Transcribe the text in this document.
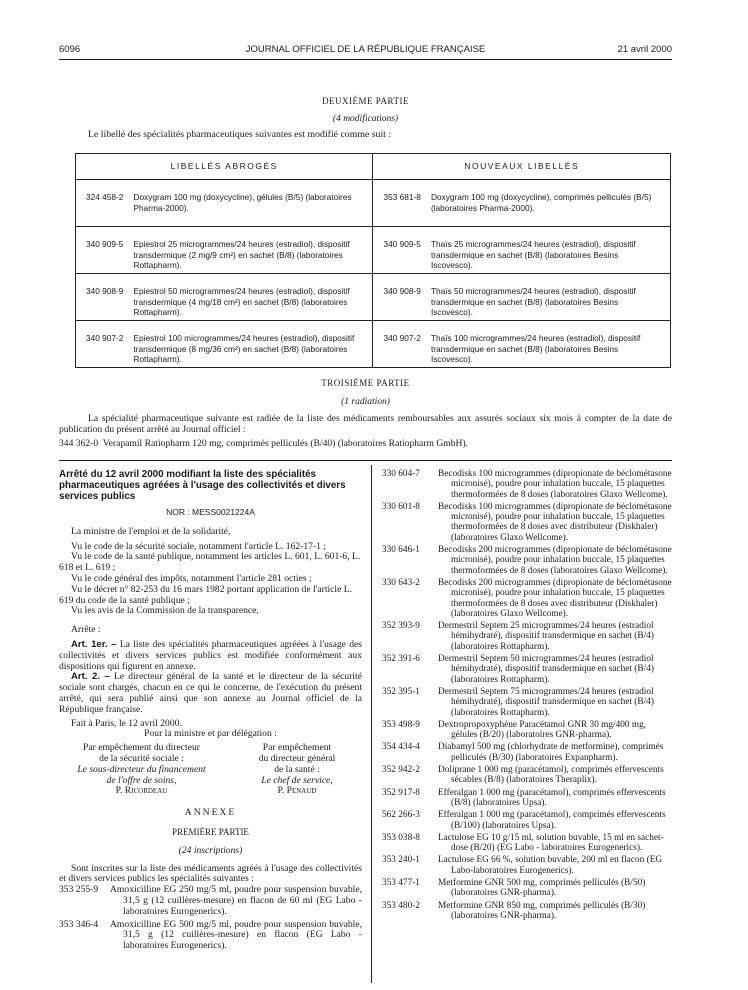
6096	JOURNAL OFFICIEL DE LA RÉPUBLIQUE FRANÇAISE	21 avril 2000
DEUXIÈME PARTIE
(4 modifications)
Le libellé des spécialités pharmaceutiques suivantes est modifié comme suit :
LIBELLÉS ABROGÉS		NOUVEAUX LIBELLÉS	
324 458-2	Doxygram 100 mg (doxycycline), gélules (B/5) (laboratoires Pharma-2000).	353 681-8	Doxygram 100 mg (doxycycline), comprimés pelliculés (B/5) (laboratoires Pharma-2000).
340 909-5	Epiestrol 25 microgrammes/24 heures (estradiol), dispositif transdermique (2 mg/9 cm²) en sachet (B/8) (laboratoires Rottapharm).	340 909-5	Thaïs 25 microgrammes/24 heures (estradiol), dispositif transdermique en sachet (B/8) (laboratoires Besins Iscovesco).
340 908-9	Epiestrol 50 microgrammes/24 heures (estradiol), dispositif transdermique (4 mg/18 cm²) en sachet (B/8) (laboratoires Rottapharm).	340 908-9	Thaïs 50 microgrammes/24 heures (estradiol), dispositif transdermique en sachet (B/8) (laboratoires Besins Iscovesco).
340 907-2	Epiestrol 100 microgrammes/24 heures (estradiol), dispositif transdermique (8 mg/36 cm²) en sachet (B/8) (laboratoires Rottapharm).	340 907-2	Thaïs 100 microgrammes/24 heures (estradiol), dispositif transdermique en sachet (B/8) (laboratoires Besins Iscovesco).
TROISIÈME PARTIE
(1 radiation)
La spécialité pharmaceutique suivante est radiée de la liste des médicaments remboursables aux assurés sociaux six mois à compter de la date de publication du présent arrêté au Journal officiel :
344 362-0  Verapamil Ratiopharm 120 mg, comprimés pelliculés (B/40) (laboratoires Ratiopharm GmbH).

Arrêté du 12 avril 2000 modifiant la liste des spécialités pharmaceutiques agréées à l'usage des collectivités et divers services publics

NOR : MESS0021224A

La ministre de l'emploi et de la solidarité,

Vu le code de la sécurité sociale, notamment l'article L. 162-17-1 ;

Vu le code de la santé publique, notamment les articles L. 601, L. 601-6, L. 618 et L. 619 ;

Vu le code général des impôts, notamment l'article 281 octies ;

Vu le décret n° 82-253 du 16 mars 1982 portant application de l'article L. 619 du code de la santé publique ;

Vu les avis de la Commission de la transparence,

Arrête :

Art. 1er. – La liste des spécialités pharmaceutiques agréées à l'usage des collectivités et divers services publics est modifiée conformément aux dispositions qui figurent en annexe.

Art. 2. – Le directeur général de la santé et le directeur de la sécurité sociale sont chargés, chacun en ce qui le concerne, de l'exécution du présent arrêté, qui sera publié ainsi que son annexe au Journal officiel de la République française.

Fait à Paris, le 12 avril 2000.

Pour la ministre et par délégation :

Par empêchement du directeur

de la sécurité sociale :

Le sous-directeur du financement

de l'offre de soins,

P. Ricordeau

Par empêchement

du directeur général

de la santé :

Le chef de service,

P. Penaud

ANNEXE

PREMIÈRE PARTIE

(24 inscriptions)

Sont inscrites sur la liste des médicaments agréés à l'usage des collectivités et divers services publics les spécialités suivantes :

353 255-9	Amoxicilline EG 250 mg/5 ml, poudre pour suspension buvable, 31,5 g (12 cuillères-mesure) en flacon de 60 ml (EG Labo - laboratoires Eurogenerics).
353 346-4	Amoxicilline EG 500 mg/5 ml, poudre pour suspension buvable, 31,5 g (12 cuillères-mesure) en flacon (EG Labo - laboratoires Eurogenerics).
330 604-7	Becodisks 100 microgrammes (dipropionate de béclométasone micronisé), poudre pour inhalation buccale, 15 plaquettes thermoformées de 8 doses (laboratoires Glaxo Wellcome).
330 601-8	Becodisks 100 microgrammes (dipropionate de béclométasone micronisé), poudre pour inhalation buccale, 15 plaquettes thermoformées de 8 doses avec distributeur (Diskhaler) (laboratoires Glaxo Wellcome).
330 646-1	Becodisks 200 microgrammes (dipropionate de béclométasone micronisé), poudre pour inhalation buccale, 15 plaquettes thermoformées de 8 doses (laboratoires Glaxo Wellcome).
330 643-2	Becodisks 200 microgrammes (dipropionate de béclométasone micronisé), poudre pour inhalation buccale, 15 plaquettes thermoformées de 8 doses avec distributeur (Diskhaler) (laboratoires Glaxo Wellcome).
352 393-9	Dermestril Septem 25 microgrammes/24 heures (estradiol hémihydraté), dispositif transdermique en sachet (B/4) (laboratoires Rottapharm).
352 391-6	Dermestril Septem 50 microgrammes/24 heures (estradiol hémihydraté), dispositif transdermique en sachet (B/4) (laboratoires Rottapharm).
352 395-1	Dermestril Septem 75 microgrammes/24 heures (estradiol hémihydraté), dispositif transdermique en sachet (B/4) (laboratoires Rottapharm).
353 498-9	Dextropropoxyphène Paracétamol GNR 30 mg/400 mg, gélules (B/20) (laboratoires GNR-pharma).
354 434-4	Diabamyl 500 mg (chlorhydrate de metformine), comprimés pelliculés (B/30) (laboratoires Expanpharm).
352 942-2	Doliprane 1 000 mg (paracétamol), comprimés effervescents sécables (B/8) (laboratoires Theraplix).
352 917-8	Efferalgan 1 000 mg (paracétamol), comprimés effervescents (B/8) (laboratoires Upsa).
562 266-3	Efferalgan 1 000 mg (paracétamol), comprimés effervescents (B/100) (laboratoires Upsa).
353 038-8	Lactulose EG 10 g/15 ml, solution buvable, 15 ml en sachet-dose (B/20) (EG Labo - laboratoires Eurogenerics).
353 240-1	Lactulose EG 66 %, solution buvable, 200 ml en flacon (EG Labo-laboratoires Eurogenerics).
353 477-1	Metformine GNR 500 mg, comprimés pelliculés (B/50) (laboratoires GNR-pharma).
353 480-2	Metformine GNR 850 mg, comprimés pelliculés (B/30) (laboratoires GNR-pharma).
